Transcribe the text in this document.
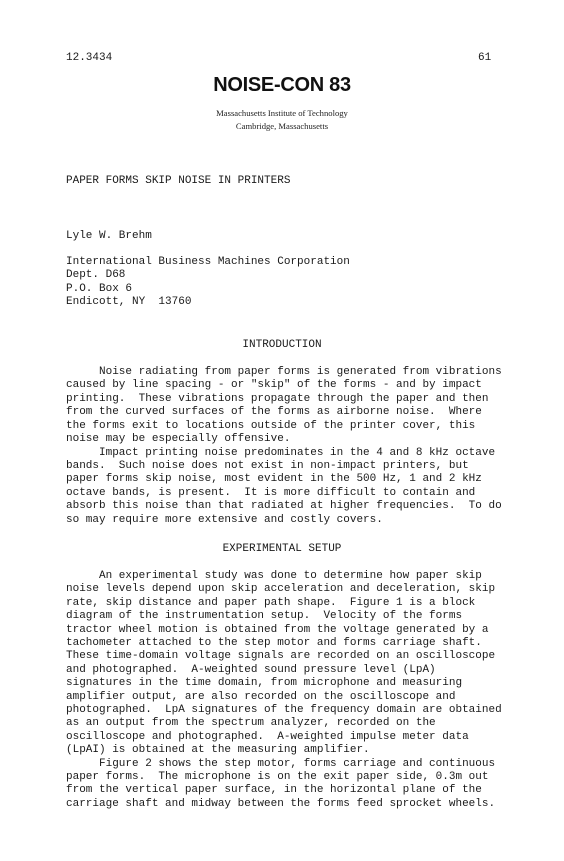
12.3434	61
NOISE-CON 83
Massachusetts Institute of Technology
Cambridge, Massachusetts
PAPER FORMS SKIP NOISE IN PRINTERS
Lyle W. Brehm
International Business Machines Corporation
Dept. D68
P.O. Box 6
Endicott, NY  13760
INTRODUCTION
Noise radiating from paper forms is generated from vibrations
caused by line spacing - or "skip" of the forms - and by impact
printing.  These vibrations propagate through the paper and then
from the curved surfaces of the forms as airborne noise.  Where
the forms exit to locations outside of the printer cover, this
noise may be especially offensive.
Impact printing noise predominates in the 4 and 8 kHz octave
bands.  Such noise does not exist in non-impact printers, but
paper forms skip noise, most evident in the 500 Hz, 1 and 2 kHz
octave bands, is present.  It is more difficult to contain and
absorb this noise than that radiated at higher frequencies.  To do
so may require more extensive and costly covers.
EXPERIMENTAL SETUP
An experimental study was done to determine how paper skip
noise levels depend upon skip acceleration and deceleration, skip
rate, skip distance and paper path shape.  Figure 1 is a block
diagram of the instrumentation setup.  Velocity of the forms
tractor wheel motion is obtained from the voltage generated by a
tachometer attached to the step motor and forms carriage shaft.
These time-domain voltage signals are recorded on an oscilloscope
and photographed.  A-weighted sound pressure level (LpA)
signatures in the time domain, from microphone and measuring
amplifier output, are also recorded on the oscilloscope and
photographed.  LpA signatures of the frequency domain are obtained
as an output from the spectrum analyzer, recorded on the
oscilloscope and photographed.  A-weighted impulse meter data
(LpAI) is obtained at the measuring amplifier.
Figure 2 shows the step motor, forms carriage and continuous
paper forms.  The microphone is on the exit paper side, 0.3m out
from the vertical paper surface, in the horizontal plane of the
carriage shaft and midway between the forms feed sprocket wheels.
